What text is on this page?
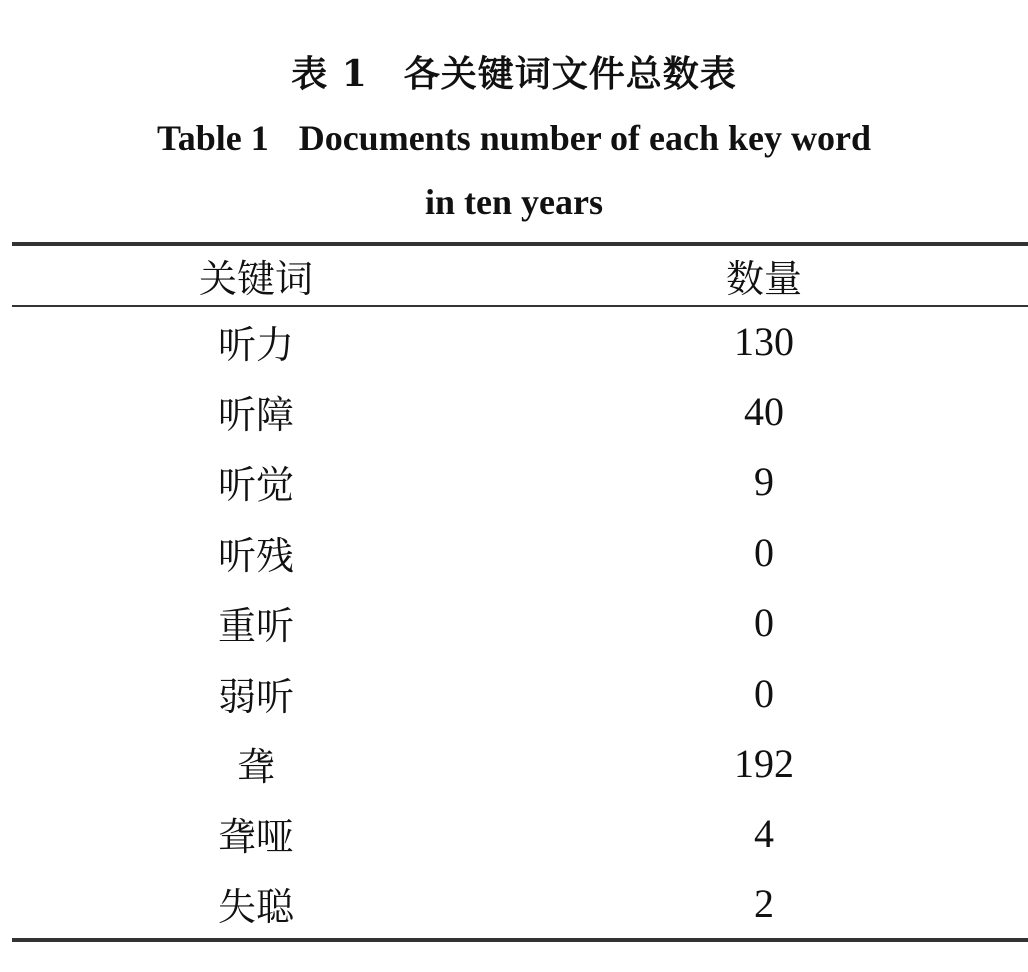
表 1 各关键词文件总数表
Table 1 Documents number of each key word
in ten years
关键词	数量
听力	130
听障	40
听觉	9
听残	0
重听	0
弱听	0
聋	192
聋哑	4
失聪	2
